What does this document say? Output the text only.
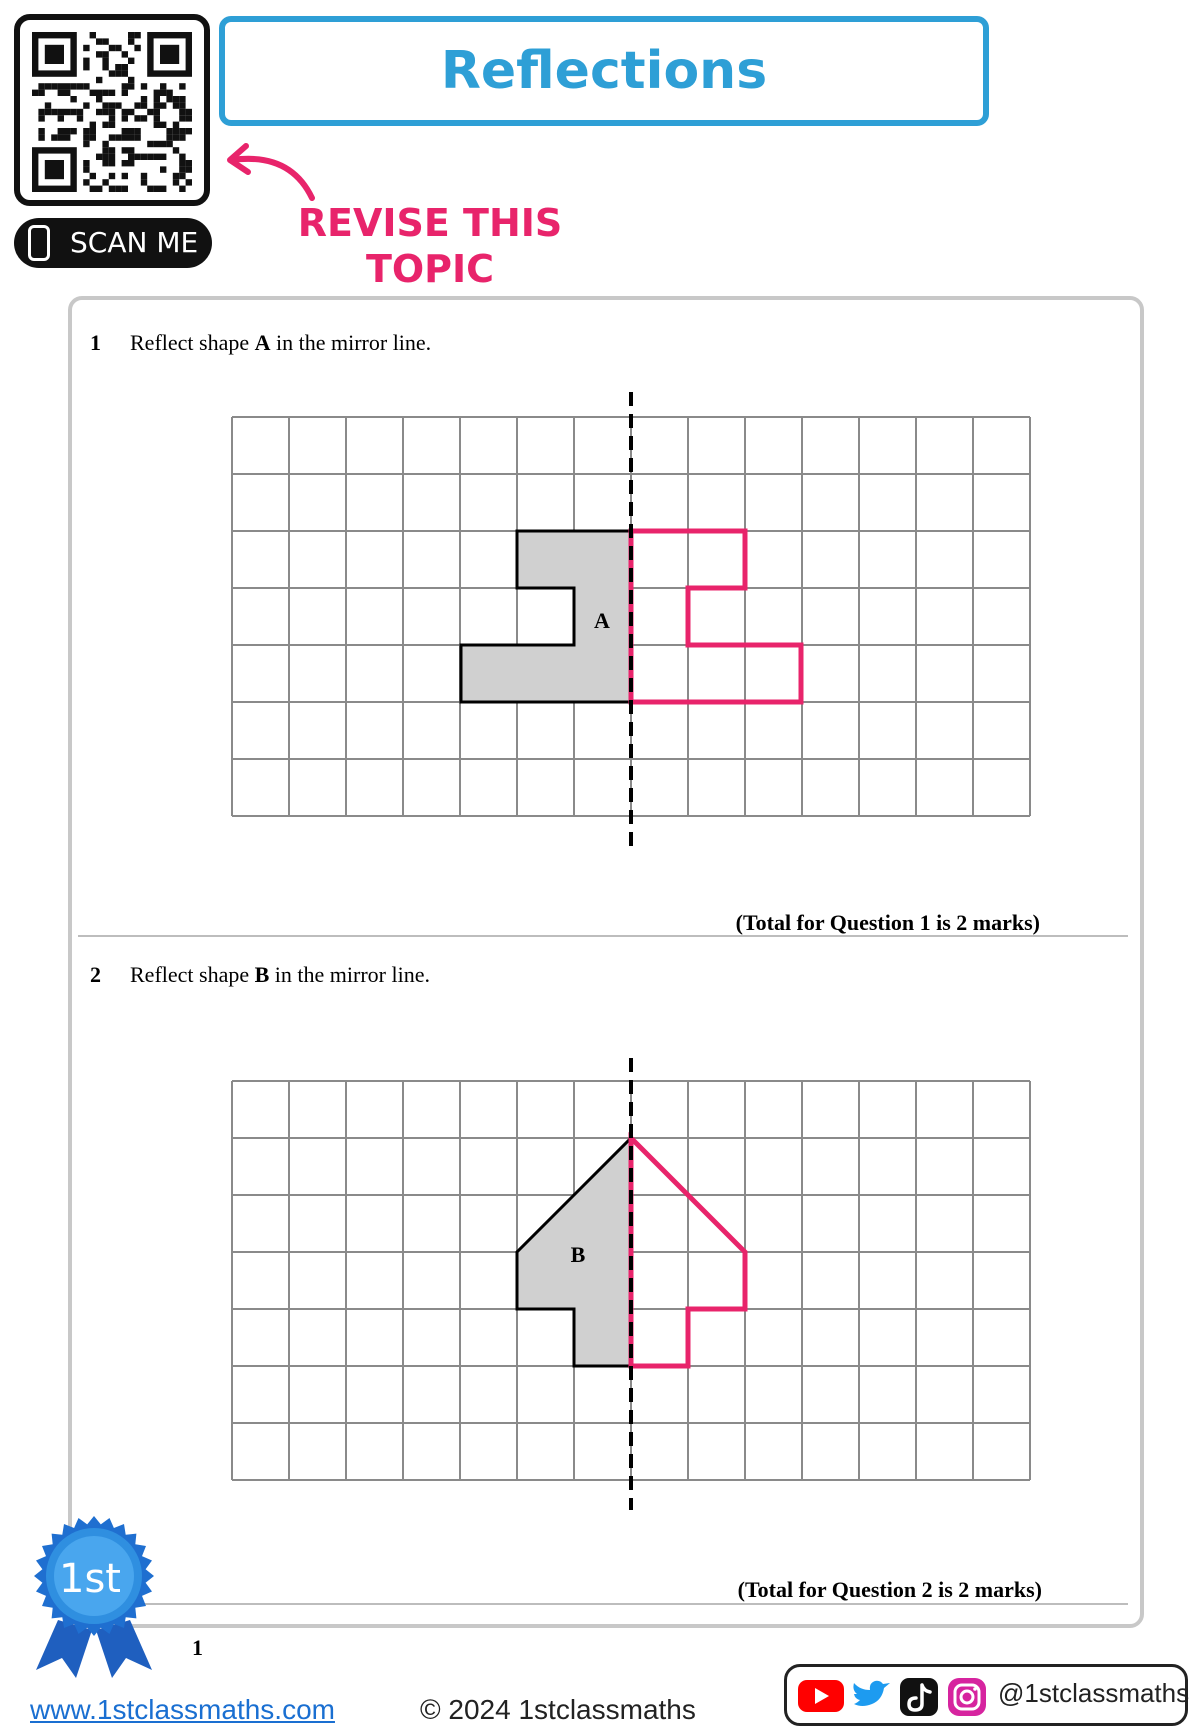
SCAN ME
Reflections
REVISE THIS
TOPIC
1 Reflect shape A in the mirror line.
A
B
(Total for Question 1 is 2 marks)
2 Reflect shape B in the mirror line.
(Total for Question 2 is 2 marks)
1st
1
www.1stclassmaths.com	© 2024 1stclassmaths
@1stclassmaths
